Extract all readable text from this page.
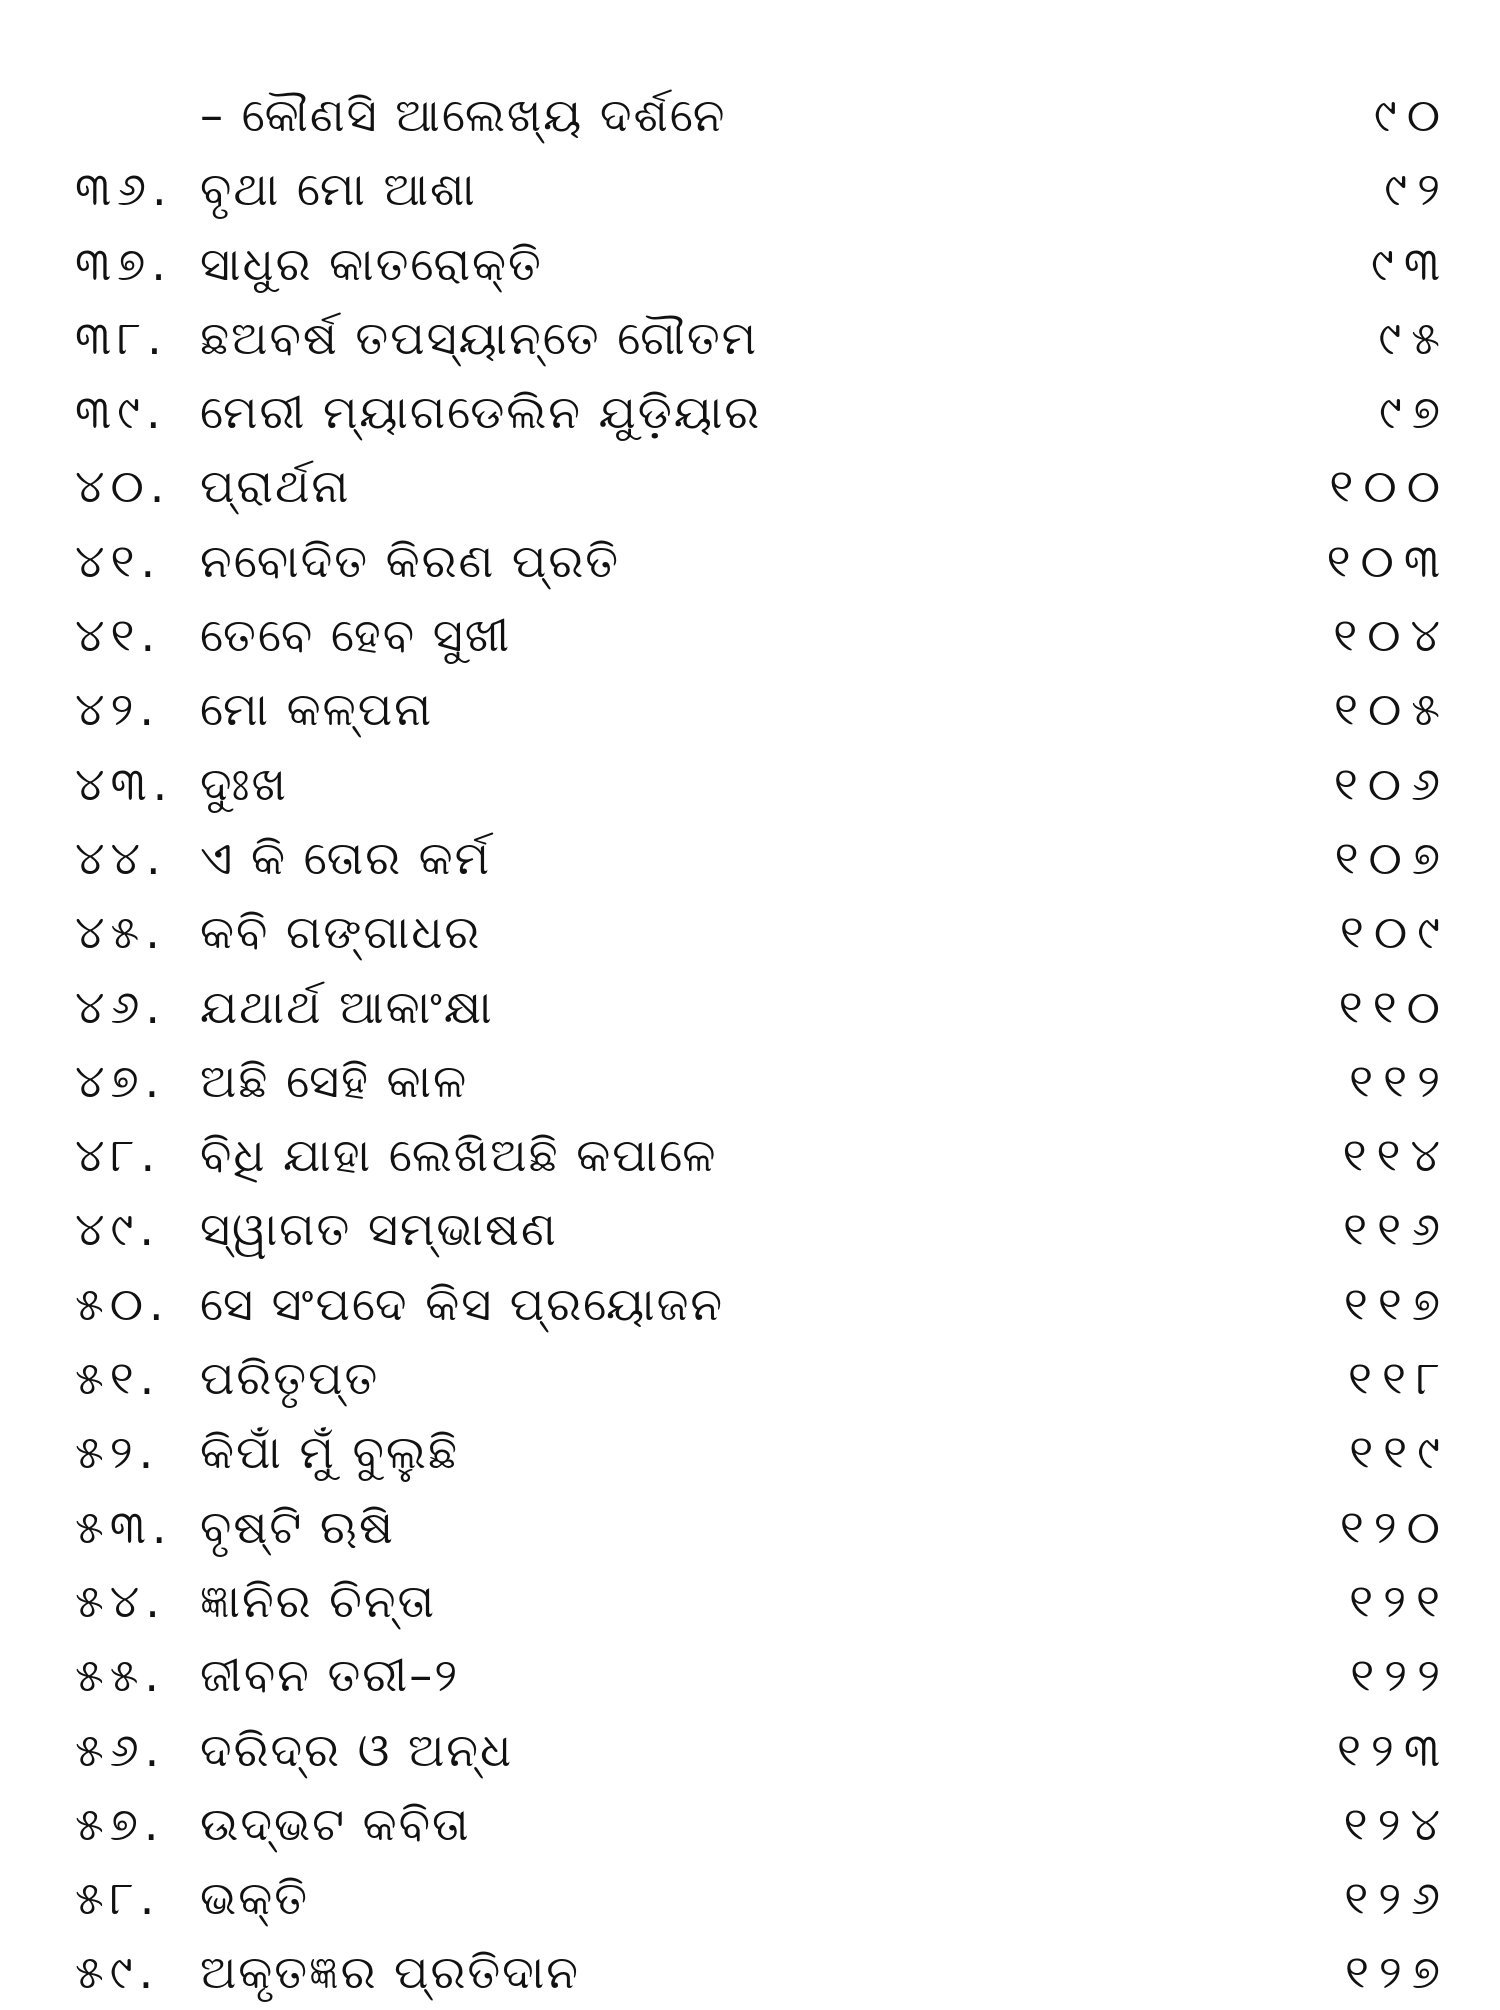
– କୌଣସି ଆଲେଖ୍ୟ ଦର୍ଶନେ	୯୦
୩୬. ବୃଥା ମୋ ଆଶା	୯୨
୩୭. ସାଧୁର କାତରୋକ୍ତି	୯୩
୩୮. ଛଅବର୍ଷ ତପସ୍ୟାନ୍ତେ ଗୌତମ	୯୫
୩୯. ମେରୀ ମ୍ୟାଗଡେଲିନ ଯୁଡ଼ିୟାର	୯୭
୪୦. ପ୍ରାର୍ଥନା	୧୦୦
୪୧. ନବୋଦିତ କିରଣ ପ୍ରତି	୧୦୩
୪୧. ତେବେ ହେବ ସୁଖୀ	୧୦୪
୪୨. ମୋ କଳ୍ପନା	୧୦୫
୪୩. ଦୁଃଖ	୧୦୬
୪୪. ଏ କି ତୋର କର୍ମ	୧୦୭
୪୫. କବି ଗଙ୍ଗାଧର	୧୦୯
୪୬. ଯଥାର୍ଥ ଆକାଂକ୍ଷା	୧୧୦
୪୭. ଅଛି ସେହି କାଳ	୧୧୨
୪୮. ବିଧି ଯାହା ଲେଖିଅଛି କପାଳେ	୧୧୪
୪୯. ସ୍ୱାଗତ ସମ୍ଭାଷଣ	୧୧୬
୫୦. ସେ ସଂପଦେ କିସ ପ୍ରୟୋଜନ	୧୧୭
୫୧. ପରିତୃପ୍ତ	୧୧୮
୫୨. କିପାଁ ମୁଁ ବୁଲୁଛି	୧୧୯
୫୩. ବୃଷ୍ଟି ଋଷି	୧୨୦
୫୪. ଜ୍ଞାନିର ଚିନ୍ତା	୧୨୧
୫୫. ଜୀବନ ତରୀ–୨	୧୨୨
୫୬. ଦରିଦ୍ର ଓ ଅନ୍ଧ	୧୨୩
୫୭. ଉଦ୍ଭଟ କବିତା	୧୨୪
୫୮. ଭକ୍ତି	୧୨୬
୫୯. ଅକୃତଜ୍ଞର ପ୍ରତିଦାନ	୧୨୭
